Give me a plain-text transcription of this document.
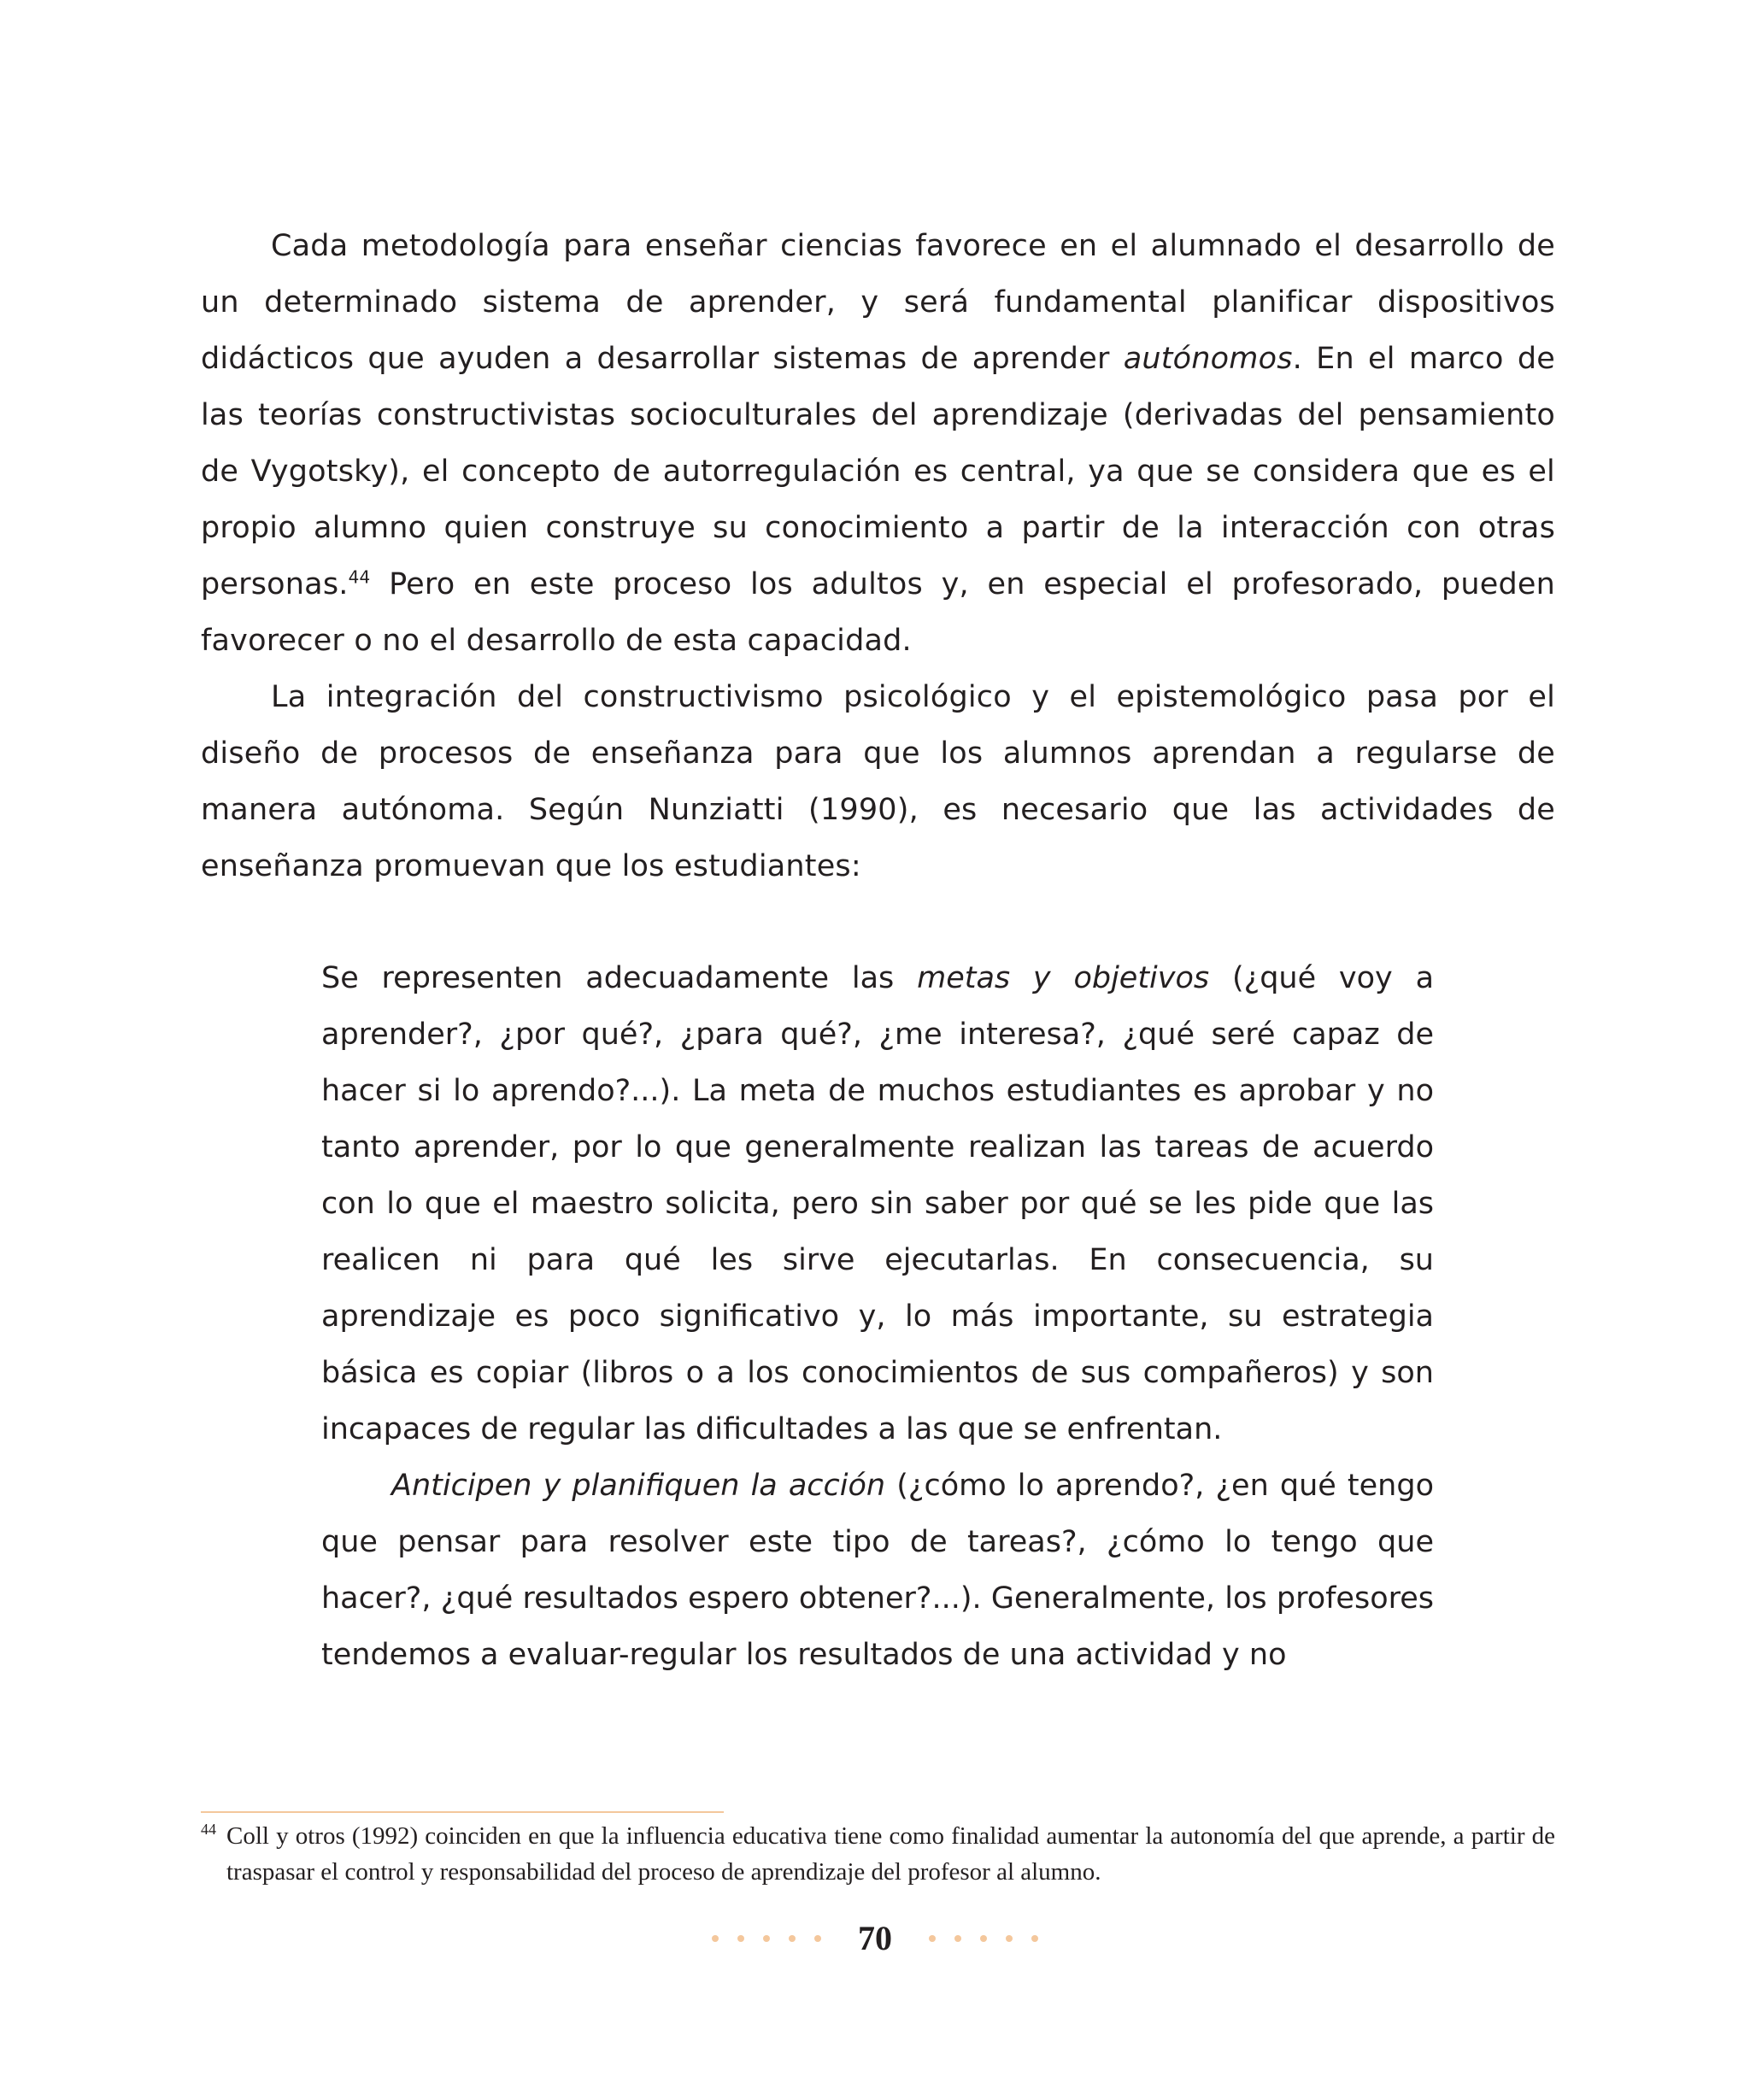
Cada metodología para enseñar ciencias favorece en el alumnado el desarrollo de un determinado sistema de aprender, y será fundamental planificar dispositivos didácticos que ayuden a desarrollar sistemas de aprender autónomos. En el marco de las teorías constructivistas socioculturales del aprendizaje (derivadas del pensamiento de Vygotsky), el concepto de autorregulación es central, ya que se considera que es el propio alumno quien construye su conocimiento a partir de la interacción con otras personas.$^{44}$ Pero en este proceso los adultos y, en especial el profesorado, pueden favorecer o no el desarrollo de esta capacidad.

La integración del constructivismo psicológico y el epistemológico pasa por el diseño de procesos de enseñanza para que los alumnos aprendan a regularse de manera autónoma. Según Nunziatti (1990), es necesario que las actividades de enseñanza promuevan que los estudiantes:

Se representen adecuadamente las metas y objetivos (¿qué voy a aprender?, ¿por qué?, ¿para qué?, ¿me interesa?, ¿qué seré capaz de hacer si lo aprendo?...). La meta de muchos estudiantes es aprobar y no tanto aprender, por lo que generalmente realizan las tareas de acuerdo con lo que el maestro solicita, pero sin saber por qué se les pide que las realicen ni para qué les sirve ejecutarlas. En consecuencia, su aprendizaje es poco significativo y, lo más importante, su estrategia básica es copiar (libros o a los conocimientos de sus compañeros) y son incapaces de regular las dificultades a las que se enfrentan.

Anticipen y planifiquen la acción (¿cómo lo aprendo?, ¿en qué tengo que pensar para resolver este tipo de tareas?, ¿cómo lo tengo que hacer?, ¿qué resultados espero obtener?...). Generalmente, los profesores tendemos a evaluar-regular los resultados de una actividad y no

44 Coll y otros (1992) coinciden en que la influencia educativa tiene como finalidad aumentar la autonomía del que aprende, a partir de traspasar el control y responsabilidad del proceso de aprendizaje del profesor al alumno.
70
